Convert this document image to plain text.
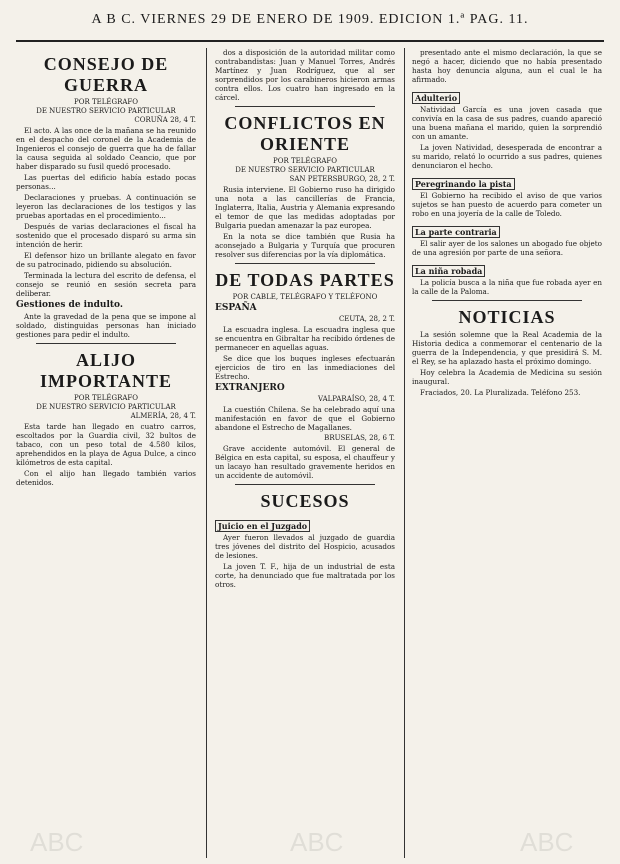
A B C. VIERNES 29 DE ENERO DE 1909. EDICION 1.ª PAG. 11.
CONSEJO DE GUERRA
POR TELÉGRAFO
DE NUESTRO SERVICIO PARTICULAR
CORUÑA 28, 4 T.

El acto. A las once de la mañana se ha reunido en el despacho del coronel de la Academia de Ingenieros el consejo de guerra que ha de fallar la causa seguida al soldado Ceancio, que por haber disparado su fusil quedó procesado.

Las puertas del edificio había estado pocas personas...

Declaraciones y pruebas. A continuación se leyeron las declaraciones de los testigos y las pruebas aportadas en el procedimiento...

Después de varias declaraciones el fiscal ha sostenido que el procesado disparó su arma sin intención de herir.

El defensor hizo un brillante alegato en favor de su patrocinado, pidiendo su absolución.

Terminada la lectura del escrito de defensa, el consejo se reunió en sesión secreta para deliberar.

Gestiones de indulto.

Ante la gravedad de la pena que se impone al soldado, distinguidas personas han iniciado gestiones para pedir el indulto.

ALIJO IMPORTANTE
POR TELÉGRAFO
DE NUESTRO SERVICIO PARTICULAR
ALMERÍA, 28, 4 T.

Esta tarde han llegado en cuatro carros, escoltados por la Guardia civil, 32 bultos de tabaco, con un peso total de 4.580 kilos, aprehendidos en la playa de Agua Dulce, a cinco kilómetros de esta capital.

Con el alijo han llegado también varios detenidos.

dos a disposición de la autoridad militar como contrabandistas: Juan y Manuel Torres, Andrés Martínez y Juan Rodríguez, que al ser sorprendidos por los carabineros hicieron armas contra ellos. Los cuatro han ingresado en la cárcel.

CONFLICTOS EN ORIENTE
POR TELÉGRAFO
DE NUESTRO SERVICIO PARTICULAR
SAN PETERSBURGO, 28, 2 T.

Rusia interviene. El Gobierno ruso ha dirigido una nota a las cancillerías de Francia, Inglaterra, Italia, Austria y Alemania expresando el temor de que las medidas adoptadas por Bulgaria puedan amenazar la paz europea.

En la nota se dice también que Rusia ha aconsejado a Bulgaria y Turquía que procuren resolver sus diferencias por la vía diplomática.

DE TODAS PARTES
POR CABLE, TELÉGRAFO Y TELÉFONO
ESPAÑA
CEUTA, 28, 2 T.

La escuadra inglesa. La escuadra inglesa que se encuentra en Gibraltar ha recibido órdenes de permanecer en aquellas aguas.

Se dice que los buques ingleses efectuarán ejercicios de tiro en las inmediaciones del Estrecho.

EXTRANJERO
VALPARAÍSO, 28, 4 T.

La cuestión Chilena. Se ha celebrado aquí una manifestación en favor de que el Gobierno abandone el Estrecho de Magallanes.

BRUSELAS, 28, 6 T.

Grave accidente automóvil. El general de Bélgica en esta capital, su esposa, el chauffeur y un lacayo han resultado gravemente heridos en un accidente de automóvil.

SUCESOS
Juicio en el Juzgado

Ayer fueron llevados al juzgado de guardia tres jóvenes del distrito del Hospicio, acusados de lesiones.

La joven T. F., hija de un industrial de esta corte, ha denunciado que fue maltratada por los otros.

presentado ante el mismo declaración, la que se negó a hacer, diciendo que no había presentado hasta hoy denuncia alguna, aun el cual le ha afirmado.

Adulterio

Natividad García es una joven casada que convivía en la casa de sus padres, cuando apareció una buena mañana el marido, quien la sorprendió con un amante.

La joven Natividad, desesperada de encontrar a su marido, relató lo ocurrido a sus padres, quienes denunciaron el hecho.

Peregrinando la pista

El Gobierno ha recibido el aviso de que varios sujetos se han puesto de acuerdo para cometer un robo en una joyería de la calle de Toledo.

La parte contraria

El salir ayer de los salones un abogado fue objeto de una agresión por parte de una señora.

La niña robada

La policía busca a la niña que fue robada ayer en la calle de la Paloma.

NOTICIAS

La sesión solemne que la Real Academia de la Historia dedica a conmemorar el centenario de la guerra de la Independencia, y que presidirá S. M. el Rey, se ha aplazado hasta el próximo domingo.

Hoy celebra la Academia de Medicina su sesión inaugural.

Fraciados, 20. La Pluralizada. Teléfono 253.

ABC	ABC	ABC
